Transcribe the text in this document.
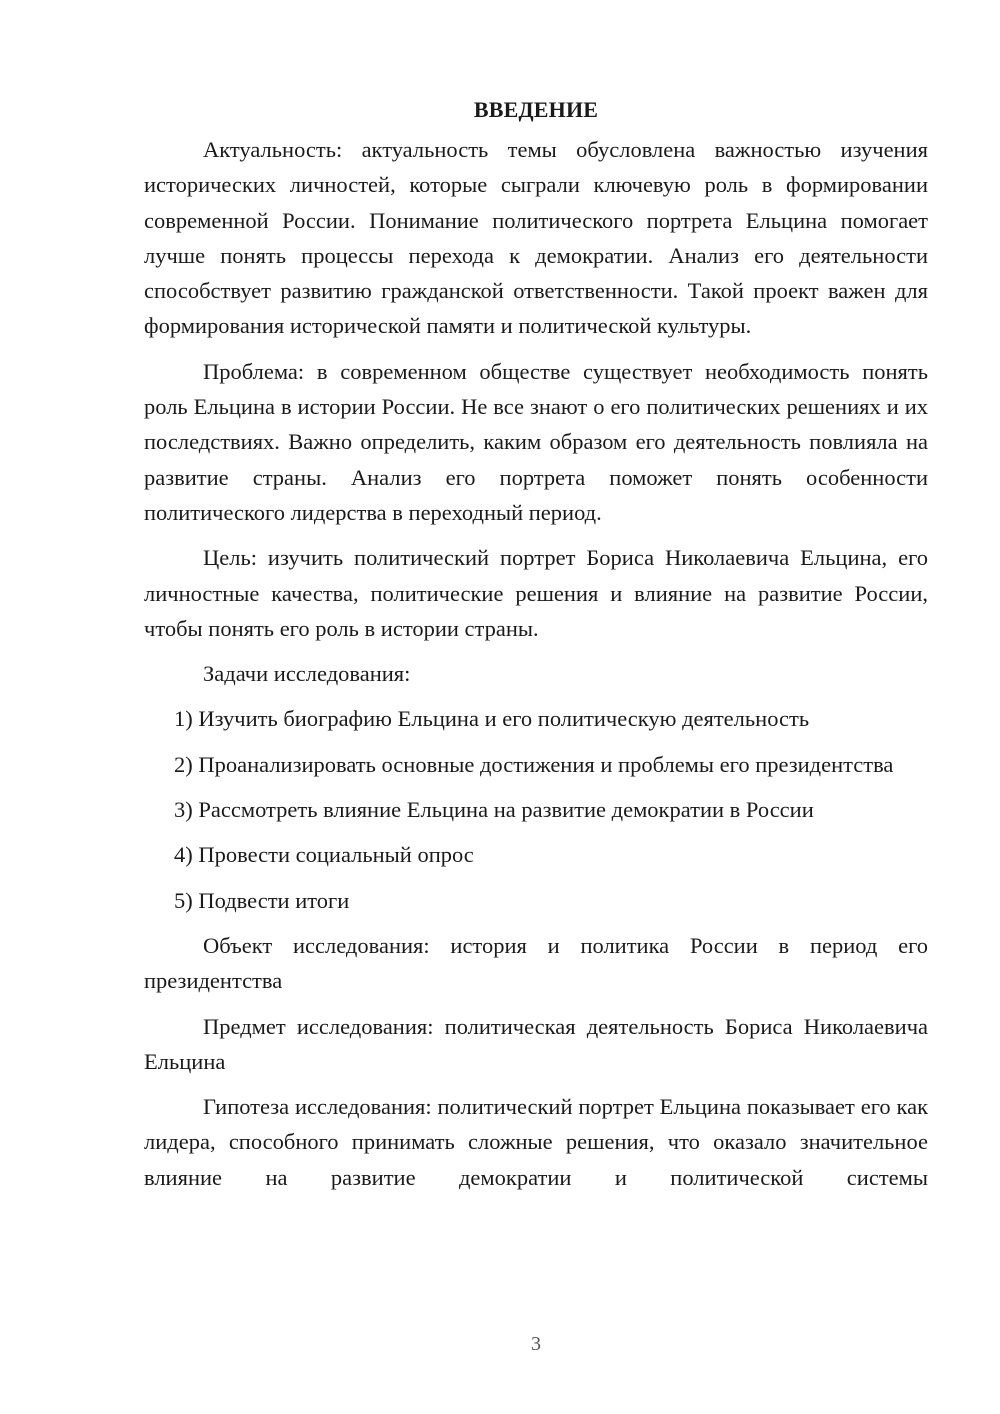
ВВЕДЕНИЕ

Актуальность: актуальность темы обусловлена важностью изучения исторических личностей, которые сыграли ключевую роль в формировании современной России. Понимание политического портрета Ельцина помогает лучше понять процессы перехода к демократии. Анализ его деятельности способствует развитию гражданской ответственности. Такой проект важен для формирования исторической памяти и политической культуры.

Проблема: в современном обществе существует необходимость понять роль Ельцина в истории России. Не все знают о его политических решениях и их последствиях. Важно определить, каким образом его деятельность повлияла на развитие страны. Анализ его портрета поможет понять особенности политического лидерства в переходный период.

Цель: изучить политический портрет Бориса Николаевича Ельцина, его личностные качества, политические решения и влияние на развитие России, чтобы понять его роль в истории страны.

Задачи исследования:

1) Изучить биографию Ельцина и его политическую деятельность

2) Проанализировать основные достижения и проблемы его президентства

3) Рассмотреть влияние Ельцина на развитие демократии в России

4) Провести социальный опрос

5) Подвести итоги

Объект исследования: история и политика России в период его президентства

Предмет исследования: политическая деятельность Бориса Николаевича Ельцина

Гипотеза исследования: политический портрет Ельцина показывает его как лидера, способного принимать сложные решения, что оказало значительное влияние на развитие демократии и политической системы

3
